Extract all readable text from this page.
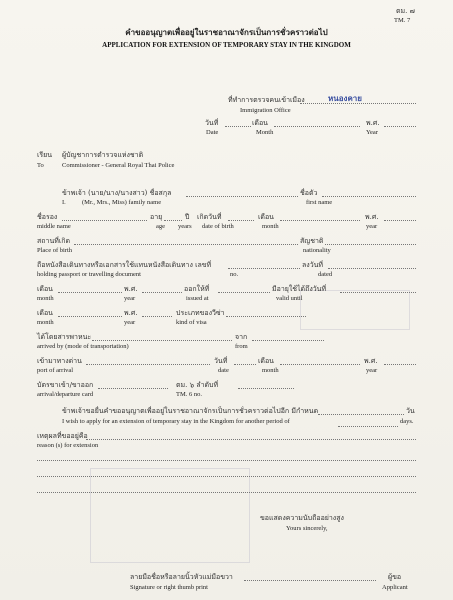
ตม. ๗
TM. 7
คำขออนุญาตเพื่ออยู่ในราชอาณาจักรเป็นการชั่วคราวต่อไป
APPLICATION FOR EXTENSION OF TEMPORARY STAY IN THE KINGDOM
ที่ทำการตรวจคนเข้าเมือง	หนองคาย
Immigration Office
วันที่	เดือน	พ.ศ.
Date	Month	Year
เรียน ผู้บัญชาการตำรวจแห่งชาติ
To	Commissioner - General Royal Thai Police
ข้าพเจ้า (นาย/นาง/นางสาว) ชื่อสกุล	ชื่อตัว
I. (Mr., Mrs., Miss) family name	first name
ชื่อรอง	อายุ	ปี เกิดวันที่	เดือน	พ.ศ.
middle name	age years date of birth	month	year
สถานที่เกิด	สัญชาติ
Place of birth	nationality
ถือหนังสือเดินทางหรือเอกสารใช้แทนหนังสือเดินทาง เลขที่	ลงวันที่
holding passport or travelling document	no.	dated
เดือน	พ.ศ.	ออกให้ที่	มีอายุใช้ได้ถึงวันที่
month	year	issued at	valid until
เดือน	พ.ศ.	ประเภทของวีซ่า
month	year	kind of visa
ได้โดยสารพาหนะ	จาก
arrived by (mode of transportation)	from
เข้ามาทางด่าน	วันที่	เดือน	พ.ศ.
port of arrival	date	month	year
บัตรขาเข้า/ขาออก	ตม. ๖ ลำดับที่
arrival/departure card	TM. 6 no.
ข้าพเจ้าขอยื่นคำขออนุญาตเพื่ออยู่ในราชอาณาจักรเป็นการชั่วคราวต่อไปอีก มีกำหนด	วัน
I wish to apply for an extension of temporary stay in the Kingdom for another period of	days.
เหตุผลที่ขออยู่คือ
reason (s) for extension
ขอแสดงความนับถืออย่างสูง
Yours sincerely,
ลายมือชื่อหรือลายนิ้วหัวแม่มือขวา	ผู้ขอ
Signature or right thumb print	Applicant
